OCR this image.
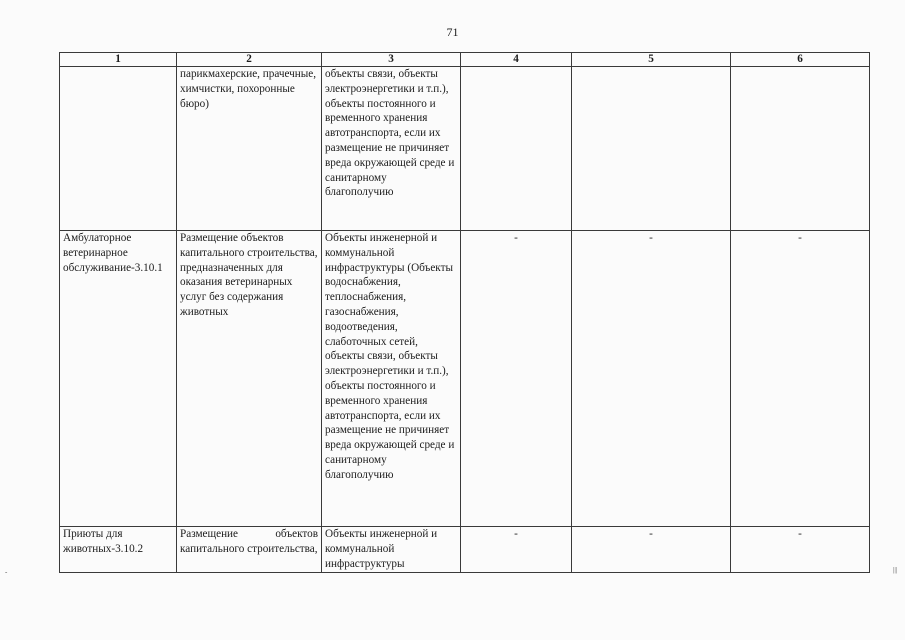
71
1	2	3	4	5	6
	парикмахерские, прачечные, химчистки, похоронные бюро)	объекты связи, объекты электроэнергетики и т.п.), объекты постоянного и временного хранения автотранспорта, если их размещение не причиняет вреда окружающей среде и санитарному благополучию			
Амбулаторное ветеринарное обслуживание-3.10.1	Размещение объектов капитального строительства, предназначенных для оказания ветеринарных услуг без содержания животных	Объекты инженерной и коммунальной инфраструктуры (Объекты водоснабжения, теплоснабжения, газоснабжения, водоотведения, слаботочных сетей, объекты связи, объекты электроэнергетики и т.п.), объекты постоянного и временного хранения автотранспорта, если их размещение не причиняет вреда окружающей среде и санитарному благополучию	-	-	-
Приюты для животных-3.10.2	Размещение объектов капитального строительства,	Объекты инженерной и коммунальной инфраструктуры	-	-	-
-	|||
